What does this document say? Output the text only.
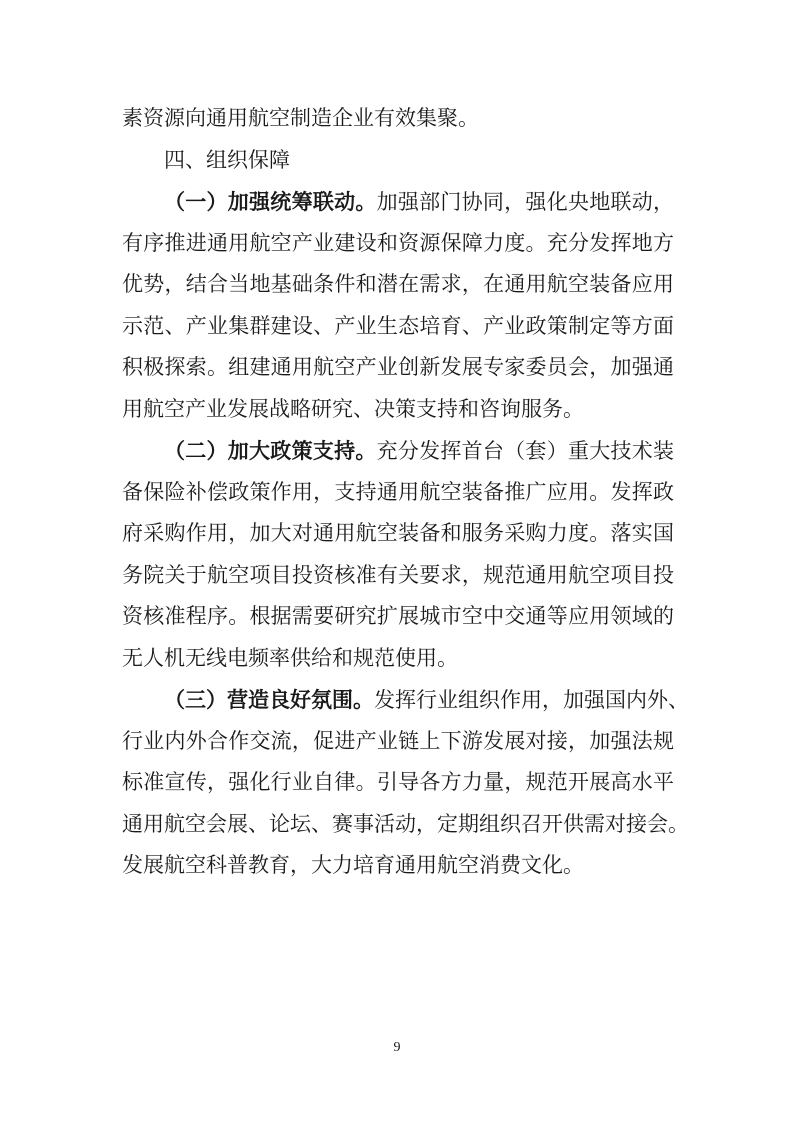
素资源向通用航空制造企业有效集聚。
四、组织保障
（一）加强统筹联动。加强部门协同，强化央地联动，
有序推进通用航空产业建设和资源保障力度。充分发挥地方
优势，结合当地基础条件和潜在需求，在通用航空装备应用
示范、产业集群建设、产业生态培育、产业政策制定等方面
积极探索。组建通用航空产业创新发展专家委员会，加强通
用航空产业发展战略研究、决策支持和咨询服务。
（二）加大政策支持。充分发挥首台（套）重大技术装
备保险补偿政策作用，支持通用航空装备推广应用。发挥政
府采购作用，加大对通用航空装备和服务采购力度。落实国
务院关于航空项目投资核准有关要求，规范通用航空项目投
资核准程序。根据需要研究扩展城市空中交通等应用领域的
无人机无线电频率供给和规范使用。
（三）营造良好氛围。发挥行业组织作用，加强国内外、
行业内外合作交流，促进产业链上下游发展对接，加强法规
标准宣传，强化行业自律。引导各方力量，规范开展高水平
通用航空会展、论坛、赛事活动，定期组织召开供需对接会。
发展航空科普教育，大力培育通用航空消费文化。
9
